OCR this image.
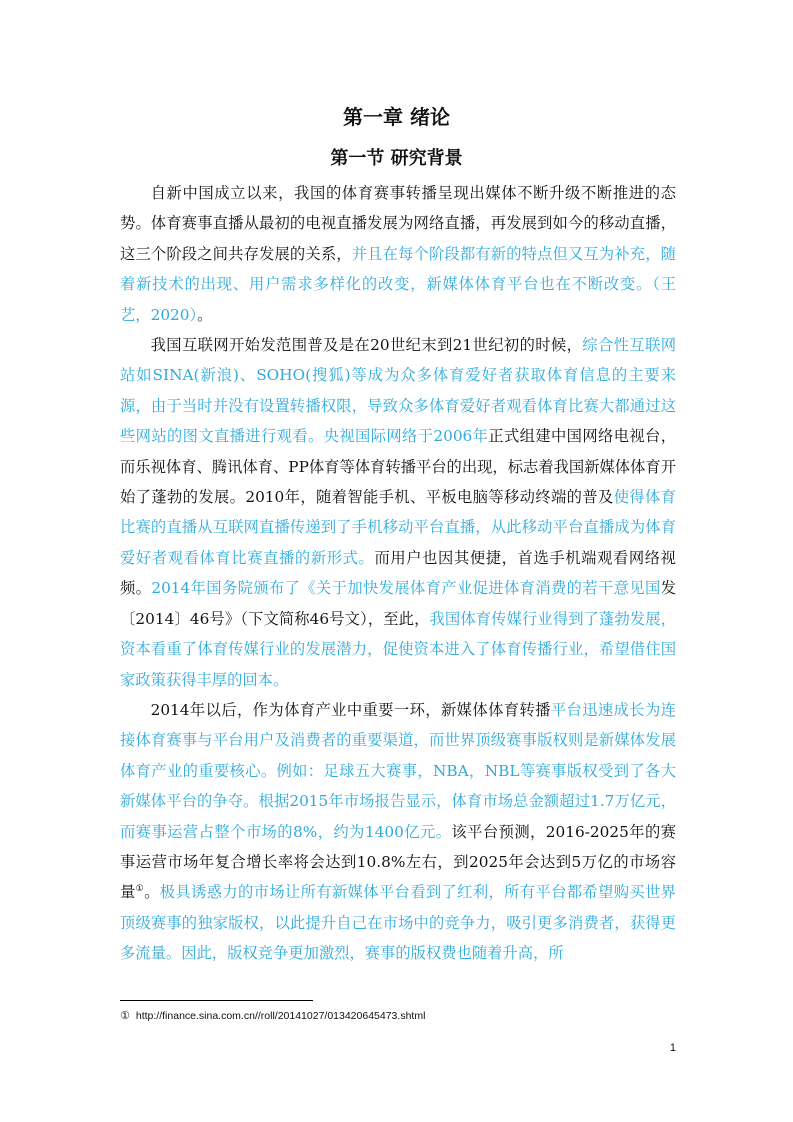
第一章 绪论
第一节 研究背景

自新中国成立以来，我国的体育赛事转播呈现出媒体不断升级不断推进的态势。体育赛事直播从最初的电视直播发展为网络直播，再发展到如今的移动直播，这三个阶段之间共存发展的关系，并且在每个阶段都有新的特点但又互为补充，随着新技术的出现、用户需求多样化的改变，新媒体体育平台也在不断改变。（王艺，2020）。

我国互联网开始发范围普及是在20世纪末到21世纪初的时候，综合性互联网站如SINA(新浪)、SOHO(搜狐)等成为众多体育爱好者获取体育信息的主要来源，由于当时并没有设置转播权限，导致众多体育爱好者观看体育比赛大都通过这些网站的图文直播进行观看。央视国际网络于2006年正式组建中国网络电视台，而乐视体育、腾讯体育、PP体育等体育转播平台的出现，标志着我国新媒体体育开始了蓬勃的发展。2010年，随着智能手机、平板电脑等移动终端的普及使得体育比赛的直播从互联网直播传递到了手机移动平台直播，从此移动平台直播成为体育爱好者观看体育比赛直播的新形式。而用户也因其便捷，首选手机端观看网络视频。2014年国务院颁布了《关于加快发展体育产业促进体育消费的若干意见国发〔2014〕46号》（下文简称46号文），至此，我国体育传媒行业得到了蓬勃发展，资本看重了体育传媒行业的发展潜力，促使资本进入了体育传播行业，希望借住国家政策获得丰厚的回本。

2014年以后，作为体育产业中重要一环，新媒体体育转播平台迅速成长为连接体育赛事与平台用户及消费者的重要渠道，而世界顶级赛事版权则是新媒体发展体育产业的重要核心。例如：足球五大赛事，NBA，NBL等赛事版权受到了各大新媒体平台的争夺。根据2015年市场报告显示，体育市场总金额超过1.7万亿元，而赛事运营占整个市场的8%，约为1400亿元。该平台预测，2016-2025年的赛事运营市场年复合增长率将会达到10.8%左右，到2025年会达到5万亿的市场容量①。极具诱惑力的市场让所有新媒体平台看到了红利，所有平台都希望购买世界顶级赛事的独家版权，以此提升自己在市场中的竞争力，吸引更多消费者，获得更多流量。因此，版权竞争更加激烈，赛事的版权费也随着升高，所

① http://finance.sina.com.cn//roll/20141027/013420645473.shtml
1
